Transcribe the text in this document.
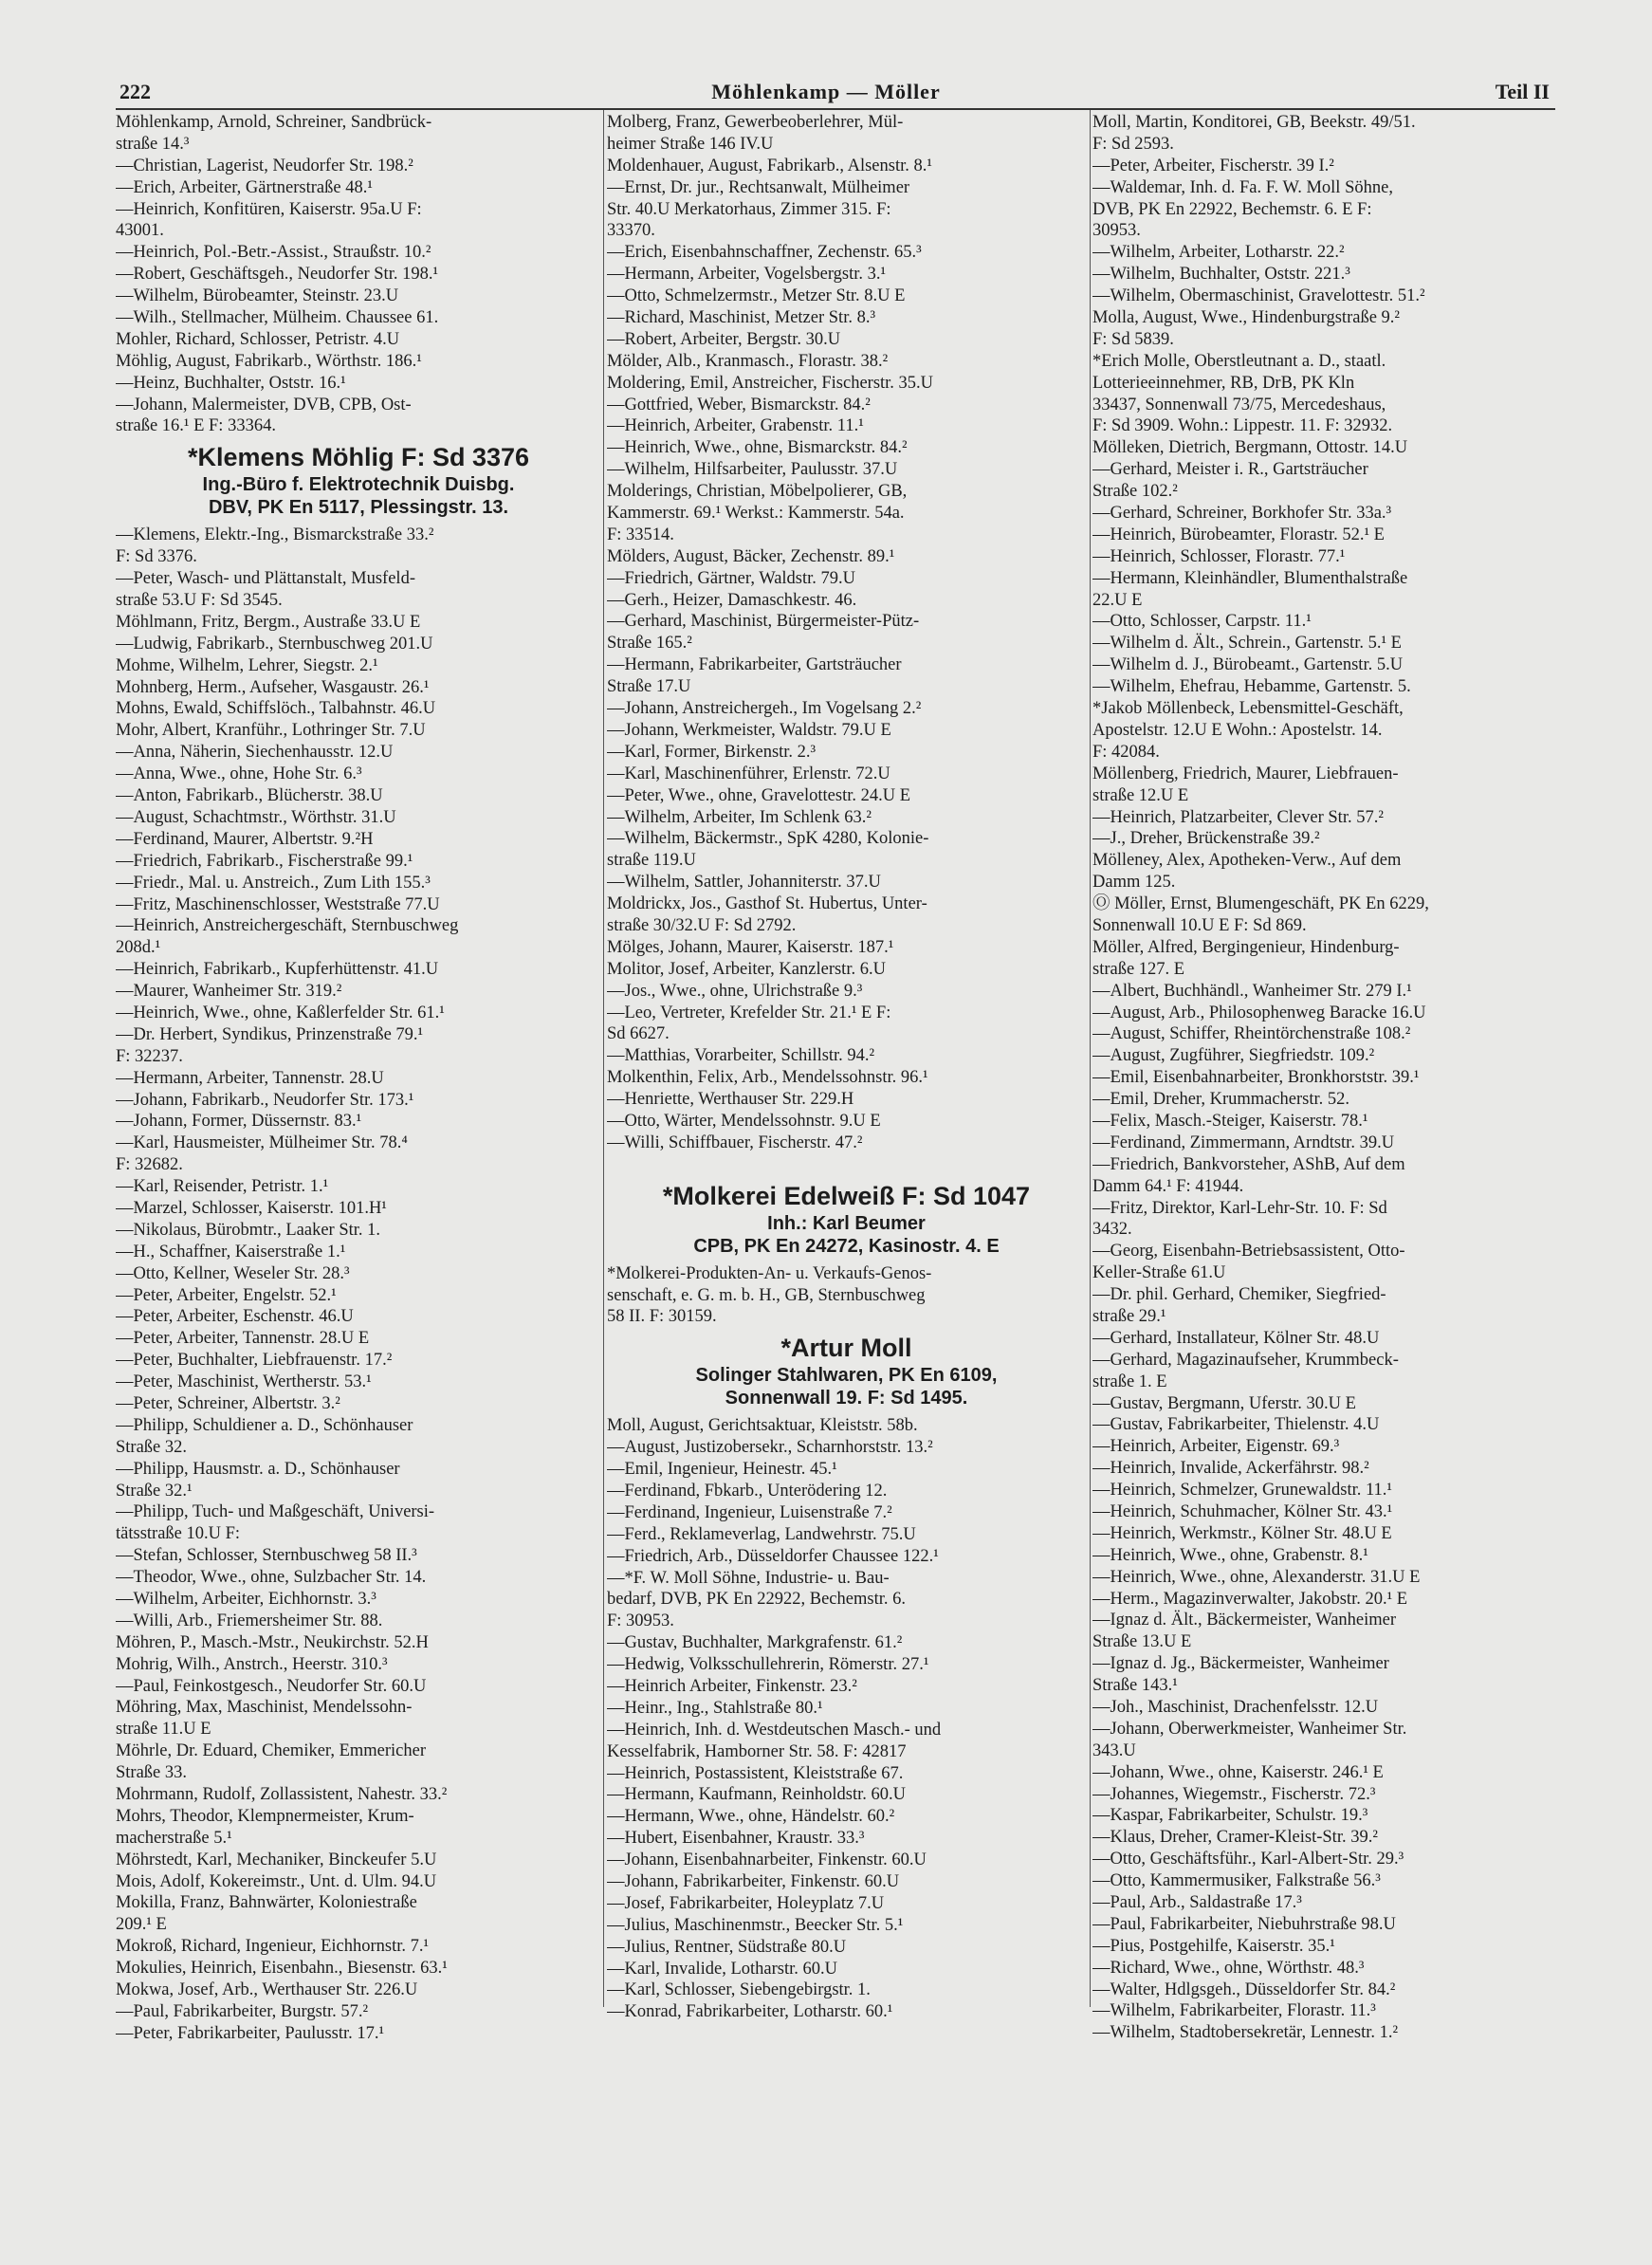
222	Möhlenkamp — Möller	Teil II
Möhlenkamp, Arnold, Schreiner, Sandbrück-
straße 14.³
—Christian, Lagerist, Neudorfer Str. 198.²
—Erich, Arbeiter, Gärtnerstraße 48.¹
—Heinrich, Konfitüren, Kaiserstr. 95a.U F:
43001.
—Heinrich, Pol.-Betr.-Assist., Straußstr. 10.²
—Robert, Geschäftsgeh., Neudorfer Str. 198.¹
—Wilhelm, Bürobeamter, Steinstr. 23.U
—Wilh., Stellmacher, Mülheim. Chaussee 61.
Mohler, Richard, Schlosser, Petristr. 4.U
Möhlig, August, Fabrikarb., Wörthstr. 186.¹
—Heinz, Buchhalter, Oststr. 16.¹
—Johann, Malermeister, DVB, CPB, Ost-
straße 16.¹ E F: 33364.
*Klemens Möhlig F: Sd 3376
Ing.-Büro f. Elektrotechnik Duisbg.
DBV, PK En 5117, Plessingstr. 13.
—Klemens, Elektr.-Ing., Bismarckstraße 33.²
F: Sd 3376.
—Peter, Wasch- und Plättanstalt, Musfeld-
straße 53.U F: Sd 3545.
Möhlmann, Fritz, Bergm., Austraße 33.U E
—Ludwig, Fabrikarb., Sternbuschweg 201.U
Mohme, Wilhelm, Lehrer, Siegstr. 2.¹
Mohnberg, Herm., Aufseher, Wasgaustr. 26.¹
Mohns, Ewald, Schiffslöch., Talbahnstr. 46.U
Mohr, Albert, Kranführ., Lothringer Str. 7.U
—Anna, Näherin, Siechenhausstr. 12.U
—Anna, Wwe., ohne, Hohe Str. 6.³
—Anton, Fabrikarb., Blücherstr. 38.U
—August, Schachtmstr., Wörthstr. 31.U
—Ferdinand, Maurer, Albertstr. 9.²H
—Friedrich, Fabrikarb., Fischerstraße 99.¹
—Friedr., Mal. u. Anstreich., Zum Lith 155.³
—Fritz, Maschinenschlosser, Weststraße 77.U
—Heinrich, Anstreichergeschäft, Sternbuschweg
208d.¹
—Heinrich, Fabrikarb., Kupferhüttenstr. 41.U
—Maurer, Wanheimer Str. 319.²
—Heinrich, Wwe., ohne, Kaßlerfelder Str. 61.¹
—Dr. Herbert, Syndikus, Prinzenstraße 79.¹
F: 32237.
—Hermann, Arbeiter, Tannenstr. 28.U
—Johann, Fabrikarb., Neudorfer Str. 173.¹
—Johann, Former, Düssernstr. 83.¹
—Karl, Hausmeister, Mülheimer Str. 78.⁴
F: 32682.
—Karl, Reisender, Petristr. 1.¹
—Marzel, Schlosser, Kaiserstr. 101.H¹
—Nikolaus, Bürobmtr., Laaker Str. 1.
—H., Schaffner, Kaiserstraße 1.¹
—Otto, Kellner, Weseler Str. 28.³
—Peter, Arbeiter, Engelstr. 52.¹
—Peter, Arbeiter, Eschenstr. 46.U
—Peter, Arbeiter, Tannenstr. 28.U E
—Peter, Buchhalter, Liebfrauenstr. 17.²
—Peter, Maschinist, Wertherstr. 53.¹
—Peter, Schreiner, Albertstr. 3.²
—Philipp, Schuldiener a. D., Schönhauser
Straße 32.
—Philipp, Hausmstr. a. D., Schönhauser
Straße 32.¹
—Philipp, Tuch- und Maßgeschäft, Universi-
tätsstraße 10.U F:
—Stefan, Schlosser, Sternbuschweg 58 II.³
—Theodor, Wwe., ohne, Sulzbacher Str. 14.
—Wilhelm, Arbeiter, Eichhornstr. 3.³
—Willi, Arb., Friemersheimer Str. 88.
Möhren, P., Masch.-Mstr., Neukirchstr. 52.H
Mohrig, Wilh., Anstrch., Heerstr. 310.³
—Paul, Feinkostgesch., Neudorfer Str. 60.U
Möhring, Max, Maschinist, Mendelssohn-
straße 11.U E
Möhrle, Dr. Eduard, Chemiker, Emmericher
Straße 33.
Mohrmann, Rudolf, Zollassistent, Nahestr. 33.²
Mohrs, Theodor, Klempnermeister, Krum-
macherstraße 5.¹
Möhrstedt, Karl, Mechaniker, Binckeufer 5.U
Mois, Adolf, Kokereimstr., Unt. d. Ulm. 94.U
Mokilla, Franz, Bahnwärter, Koloniestraße
209.¹ E
Mokroß, Richard, Ingenieur, Eichhornstr. 7.¹
Mokulies, Heinrich, Eisenbahn., Biesenstr. 63.¹
Mokwa, Josef, Arb., Werthauser Str. 226.U
—Paul, Fabrikarbeiter, Burgstr. 57.²
—Peter, Fabrikarbeiter, Paulusstr. 17.¹
Molberg, Franz, Gewerbeoberlehrer, Mül-
heimer Straße 146 IV.U
Moldenhauer, August, Fabrikarb., Alsenstr. 8.¹
—Ernst, Dr. jur., Rechtsanwalt, Mülheimer
Str. 40.U Merkatorhaus, Zimmer 315. F:
33370.
—Erich, Eisenbahnschaffner, Zechenstr. 65.³
—Hermann, Arbeiter, Vogelsbergstr. 3.¹
—Otto, Schmelzermstr., Metzer Str. 8.U E
—Richard, Maschinist, Metzer Str. 8.³
—Robert, Arbeiter, Bergstr. 30.U
Mölder, Alb., Kranmasch., Florastr. 38.²
Moldering, Emil, Anstreicher, Fischerstr. 35.U
—Gottfried, Weber, Bismarckstr. 84.²
—Heinrich, Arbeiter, Grabenstr. 11.¹
—Heinrich, Wwe., ohne, Bismarckstr. 84.²
—Wilhelm, Hilfsarbeiter, Paulusstr. 37.U
Molderings, Christian, Möbelpolierer, GB,
Kammerstr. 69.¹ Werkst.: Kammerstr. 54a.
F: 33514.
Mölders, August, Bäcker, Zechenstr. 89.¹
—Friedrich, Gärtner, Waldstr. 79.U
—Gerh., Heizer, Damaschkestr. 46.
—Gerhard, Maschinist, Bürgermeister-Pütz-
Straße 165.²
—Hermann, Fabrikarbeiter, Gartsträucher
Straße 17.U
—Johann, Anstreichergeh., Im Vogelsang 2.²
—Johann, Werkmeister, Waldstr. 79.U E
—Karl, Former, Birkenstr. 2.³
—Karl, Maschinenführer, Erlenstr. 72.U
—Peter, Wwe., ohne, Gravelottestr. 24.U E
—Wilhelm, Arbeiter, Im Schlenk 63.²
—Wilhelm, Bäckermstr., SpK 4280, Kolonie-
straße 119.U
—Wilhelm, Sattler, Johanniterstr. 37.U
Moldrickx, Jos., Gasthof St. Hubertus, Unter-
straße 30/32.U F: Sd 2792.
Mölges, Johann, Maurer, Kaiserstr. 187.¹
Molitor, Josef, Arbeiter, Kanzlerstr. 6.U
—Jos., Wwe., ohne, Ulrichstraße 9.³
—Leo, Vertreter, Krefelder Str. 21.¹ E F:
Sd 6627.
—Matthias, Vorarbeiter, Schillstr. 94.²
Molkenthin, Felix, Arb., Mendelssohnstr. 96.¹
—Henriette, Werthauser Str. 229.H
—Otto, Wärter, Mendelssohnstr. 9.U E
—Willi, Schiffbauer, Fischerstr. 47.²
*Molkerei Edelweiß F: Sd 1047
Inh.: Karl Beumer
CPB, PK En 24272, Kasinostr. 4. E
*Molkerei-Produkten-An- u. Verkaufs-Genos-
senschaft, e. G. m. b. H., GB, Sternbuschweg
58 II. F: 30159.
*Artur Moll
Solinger Stahlwaren, PK En 6109,
Sonnenwall 19. F: Sd 1495.
Moll, August, Gerichtsaktuar, Kleiststr. 58b.
—August, Justizobersekr., Scharnhorststr. 13.²
—Emil, Ingenieur, Heinestr. 45.¹
—Ferdinand, Fbkarb., Unterödering 12.
—Ferdinand, Ingenieur, Luisenstraße 7.²
—Ferd., Reklameverlag, Landwehrstr. 75.U
—Friedrich, Arb., Düsseldorfer Chaussee 122.¹
—*F. W. Moll Söhne, Industrie- u. Bau-
bedarf, DVB, PK En 22922, Bechemstr. 6.
F: 30953.
—Gustav, Buchhalter, Markgrafenstr. 61.²
—Hedwig, Volksschullehrerin, Römerstr. 27.¹
—Heinrich Arbeiter, Finkenstr. 23.²
—Heinr., Ing., Stahlstraße 80.¹
—Heinrich, Inh. d. Westdeutschen Masch.- und
Kesselfabrik, Hamborner Str. 58. F: 42817
—Heinrich, Postassistent, Kleiststraße 67.
—Hermann, Kaufmann, Reinholdstr. 60.U
—Hermann, Wwe., ohne, Händelstr. 60.²
—Hubert, Eisenbahner, Kraustr. 33.³
—Johann, Eisenbahnarbeiter, Finkenstr. 60.U
—Johann, Fabrikarbeiter, Finkenstr. 60.U
—Josef, Fabrikarbeiter, Holeyplatz 7.U
—Julius, Maschinenmstr., Beecker Str. 5.¹
—Julius, Rentner, Südstraße 80.U
—Karl, Invalide, Lotharstr. 60.U
—Karl, Schlosser, Siebengebirgstr. 1.
—Konrad, Fabrikarbeiter, Lotharstr. 60.¹
Moll, Martin, Konditorei, GB, Beekstr. 49/51.
F: Sd 2593.
—Peter, Arbeiter, Fischerstr. 39 I.²
—Waldemar, Inh. d. Fa. F. W. Moll Söhne,
DVB, PK En 22922, Bechemstr. 6. E F:
30953.
—Wilhelm, Arbeiter, Lotharstr. 22.²
—Wilhelm, Buchhalter, Oststr. 221.³
—Wilhelm, Obermaschinist, Gravelottestr. 51.²
Molla, August, Wwe., Hindenburgstraße 9.²
F: Sd 5839.
*Erich Molle, Oberstleutnant a. D., staatl.
Lotterieeinnehmer, RB, DrB, PK Kln
33437, Sonnenwall 73/75, Mercedeshaus,
F: Sd 3909. Wohn.: Lippestr. 11. F: 32932.
Mölleken, Dietrich, Bergmann, Ottostr. 14.U
—Gerhard, Meister i. R., Gartsträucher
Straße 102.²
—Gerhard, Schreiner, Borkhofer Str. 33a.³
—Heinrich, Bürobeamter, Florastr. 52.¹ E
—Heinrich, Schlosser, Florastr. 77.¹
—Hermann, Kleinhändler, Blumenthalstraße
22.U E
—Otto, Schlosser, Carpstr. 11.¹
—Wilhelm d. Ält., Schrein., Gartenstr. 5.¹ E
—Wilhelm d. J., Bürobeamt., Gartenstr. 5.U
—Wilhelm, Ehefrau, Hebamme, Gartenstr. 5.
*Jakob Möllenbeck, Lebensmittel-Geschäft,
Apostelstr. 12.U E Wohn.: Apostelstr. 14.
F: 42084.
Möllenberg, Friedrich, Maurer, Liebfrauen-
straße 12.U E
—Heinrich, Platzarbeiter, Clever Str. 57.²
—J., Dreher, Brückenstraße 39.²
Mölleney, Alex, Apotheken-Verw., Auf dem
Damm 125.
Ⓞ Möller, Ernst, Blumengeschäft, PK En 6229,
Sonnenwall 10.U E F: Sd 869.
Möller, Alfred, Bergingenieur, Hindenburg-
straße 127. E
—Albert, Buchhändl., Wanheimer Str. 279 I.¹
—August, Arb., Philosophenweg Baracke 16.U
—August, Schiffer, Rheintörchenstraße 108.²
—August, Zugführer, Siegfriedstr. 109.²
—Emil, Eisenbahnarbeiter, Bronkhorststr. 39.¹
—Emil, Dreher, Krummacherstr. 52.
—Felix, Masch.-Steiger, Kaiserstr. 78.¹
—Ferdinand, Zimmermann, Arndtstr. 39.U
—Friedrich, Bankvorsteher, AShB, Auf dem
Damm 64.¹ F: 41944.
—Fritz, Direktor, Karl-Lehr-Str. 10. F: Sd
3432.
—Georg, Eisenbahn-Betriebsassistent, Otto-
Keller-Straße 61.U
—Dr. phil. Gerhard, Chemiker, Siegfried-
straße 29.¹
—Gerhard, Installateur, Kölner Str. 48.U
—Gerhard, Magazinaufseher, Krummbeck-
straße 1. E
—Gustav, Bergmann, Uferstr. 30.U E
—Gustav, Fabrikarbeiter, Thielenstr. 4.U
—Heinrich, Arbeiter, Eigenstr. 69.³
—Heinrich, Invalide, Ackerfährstr. 98.²
—Heinrich, Schmelzer, Grunewaldstr. 11.¹
—Heinrich, Schuhmacher, Kölner Str. 43.¹
—Heinrich, Werkmstr., Kölner Str. 48.U E
—Heinrich, Wwe., ohne, Grabenstr. 8.¹
—Heinrich, Wwe., ohne, Alexanderstr. 31.U E
—Herm., Magazinverwalter, Jakobstr. 20.¹ E
—Ignaz d. Ält., Bäckermeister, Wanheimer
Straße 13.U E
—Ignaz d. Jg., Bäckermeister, Wanheimer
Straße 143.¹
—Joh., Maschinist, Drachenfelsstr. 12.U
—Johann, Oberwerkmeister, Wanheimer Str.
343.U
—Johann, Wwe., ohne, Kaiserstr. 246.¹ E
—Johannes, Wiegemstr., Fischerstr. 72.³
—Kaspar, Fabrikarbeiter, Schulstr. 19.³
—Klaus, Dreher, Cramer-Kleist-Str. 39.²
—Otto, Geschäftsführ., Karl-Albert-Str. 29.³
—Otto, Kammermusiker, Falkstraße 56.³
—Paul, Arb., Saldastraße 17.³
—Paul, Fabrikarbeiter, Niebuhrstraße 98.U
—Pius, Postgehilfe, Kaiserstr. 35.¹
—Richard, Wwe., ohne, Wörthstr. 48.³
—Walter, Hdlgsgeh., Düsseldorfer Str. 84.²
—Wilhelm, Fabrikarbeiter, Florastr. 11.³
—Wilhelm, Stadtobersekretär, Lennestr. 1.²
